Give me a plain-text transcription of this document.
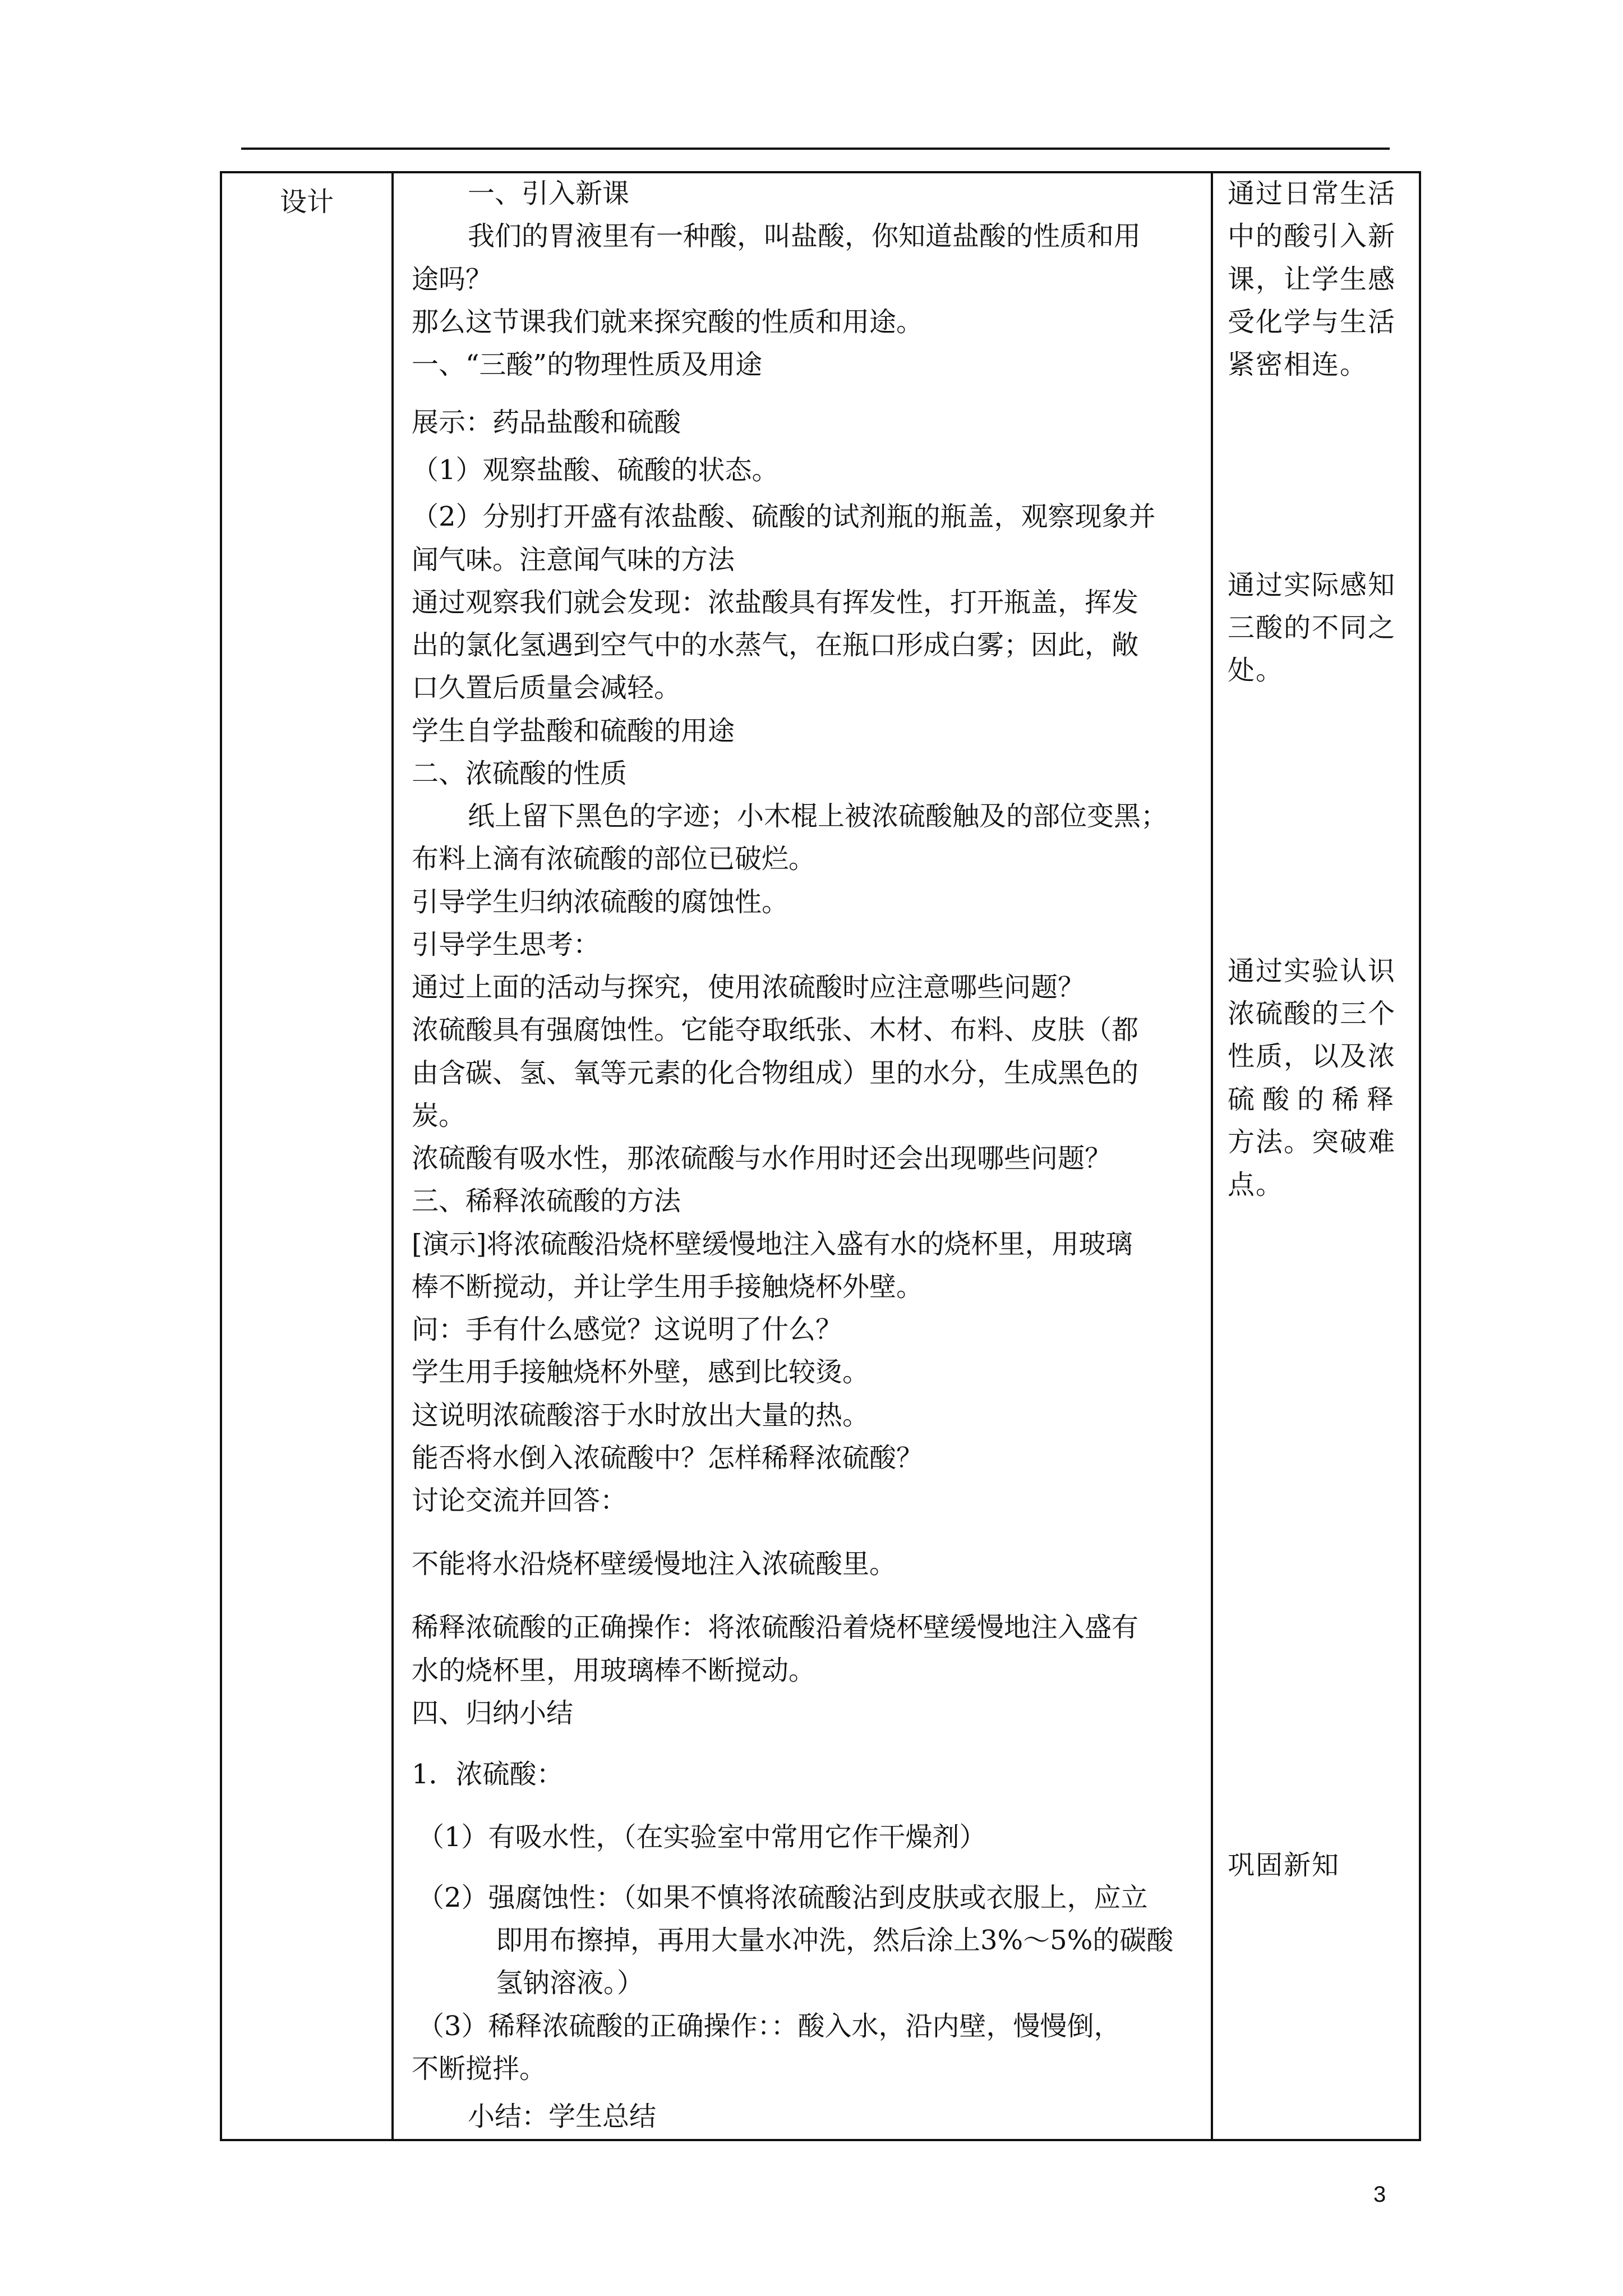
设计	一、引入新课
我们的胃液里有一种酸，叫盐酸，你知道盐酸的性质和用
途吗？
那么这节课我们就来探究酸的性质和用途。
一、“三酸”的物理性质及用途
展示：药品盐酸和硫酸
（1）观察盐酸、硫酸的状态。
（2）分别打开盛有浓盐酸、硫酸的试剂瓶的瓶盖，观察现象并
闻气味。注意闻气味的方法
通过观察我们就会发现：浓盐酸具有挥发性，打开瓶盖，挥发
出的氯化氢遇到空气中的水蒸气，在瓶口形成白雾；因此，敞
口久置后质量会减轻。
学生自学盐酸和硫酸的用途
二、浓硫酸的性质
纸上留下黑色的字迹；小木棍上被浓硫酸触及的部位变黑；
布料上滴有浓硫酸的部位已破烂。
引导学生归纳浓硫酸的腐蚀性。
引导学生思考：
通过上面的活动与探究，使用浓硫酸时应注意哪些问题？
浓硫酸具有强腐蚀性。它能夺取纸张、木材、布料、皮肤（都
由含碳、氢、氧等元素的化合物组成）里的水分，生成黑色的
炭。
浓硫酸有吸水性，那浓硫酸与水作用时还会出现哪些问题？
三、稀释浓硫酸的方法
[演示]将浓硫酸沿烧杯壁缓慢地注入盛有水的烧杯里，用玻璃
棒不断搅动，并让学生用手接触烧杯外壁。
问：手有什么感觉？这说明了什么？
学生用手接触烧杯外壁，感到比较烫。
这说明浓硫酸溶于水时放出大量的热。
能否将水倒入浓硫酸中？怎样稀释浓硫酸？
讨论交流并回答：
不能将水沿烧杯壁缓慢地注入浓硫酸里。
稀释浓硫酸的正确操作：将浓硫酸沿着烧杯壁缓慢地注入盛有
水的烧杯里，用玻璃棒不断搅动。
四、归纳小结
1．浓硫酸：
（1）有吸水性，（在实验室中常用它作干燥剂）
（2）强腐蚀性：（如果不慎将浓硫酸沾到皮肤或衣服上，应立
即用布擦掉，再用大量水冲洗，然后涂上3%～5%的碳酸
氢钠溶液。）
（3）稀释浓硫酸的正确操作：：酸入水，沿内壁，慢慢倒，
不断搅拌。
小结：学生总结
通过日常生活
中的酸引入新
课，让学生感
受化学与生活
紧密相连。
通过实际感知
三酸的不同之
处。
通过实验认识
浓硫酸的三个
性质，以及浓
硫酸的稀释
方法。突破难
点。
巩固新知
3
